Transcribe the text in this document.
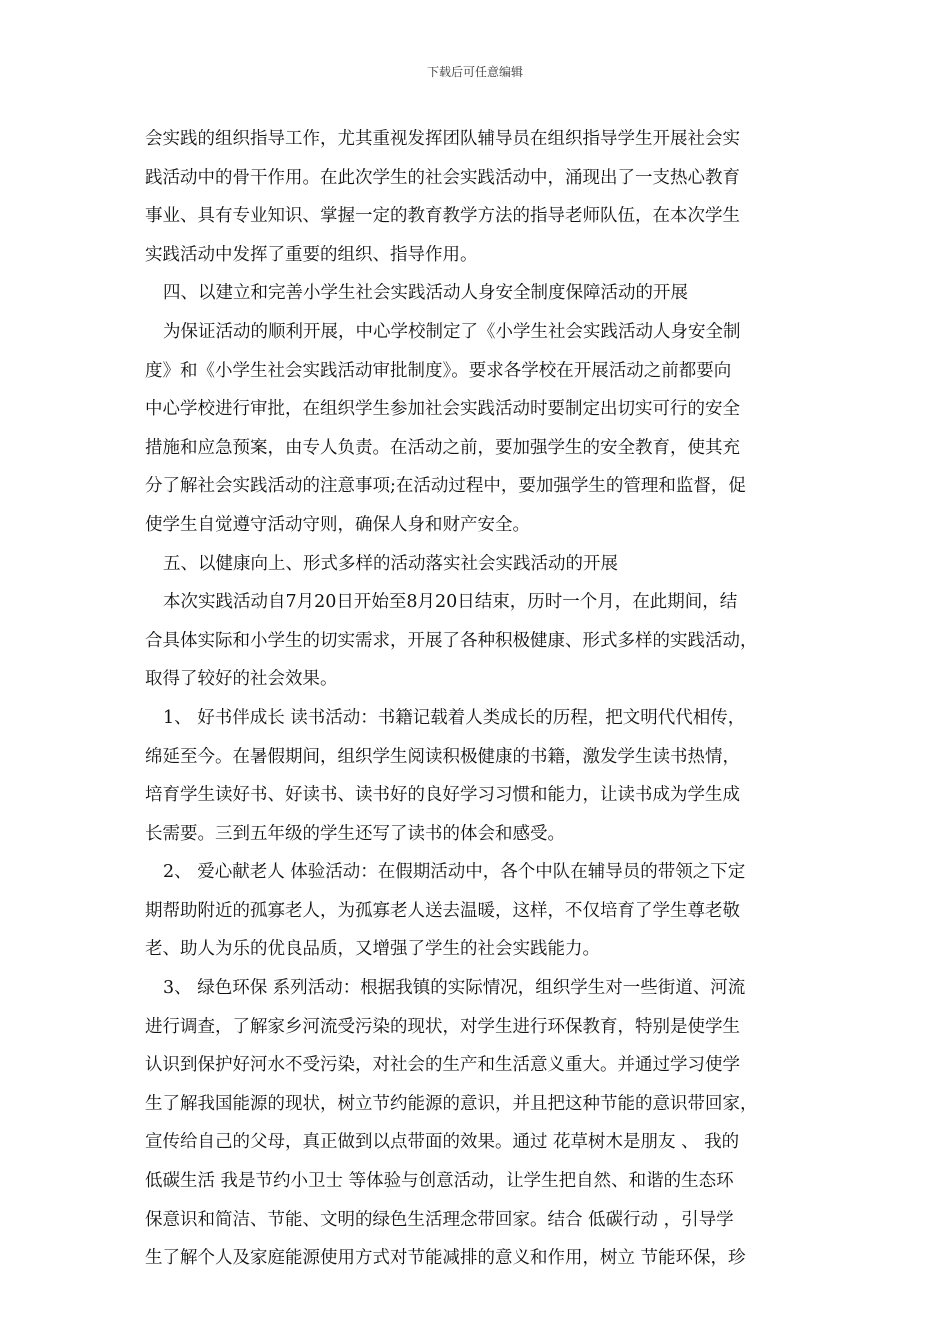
下载后可任意编辑
会实践的组织指导工作，尤其重视发挥团队辅导员在组织指导学生开展社会实
践活动中的骨干作用。在此次学生的社会实践活动中，涌现出了一支热心教育
事业、具有专业知识、掌握一定的教育教学方法的指导老师队伍，在本次学生
实践活动中发挥了重要的组织、指导作用。
四、以建立和完善小学生社会实践活动人身安全制度保障活动的开展
为保证活动的顺利开展，中心学校制定了《小学生社会实践活动人身安全制
度》和《小学生社会实践活动审批制度》。要求各学校在开展活动之前都要向
中心学校进行审批，在组织学生参加社会实践活动时要制定出切实可行的安全
措施和应急预案，由专人负责。在活动之前，要加强学生的安全教育，使其充
分了解社会实践活动的注意事项;在活动过程中，要加强学生的管理和监督，促
使学生自觉遵守活动守则，确保人身和财产安全。
五、以健康向上、形式多样的活动落实社会实践活动的开展
本次实践活动自7月20日开始至8月20日结束，历时一个月，在此期间，结
合具体实际和小学生的切实需求，开展了各种积极健康、形式多样的实践活动，
取得了较好的社会效果。
1、 好书伴成长 读书活动：书籍记载着人类成长的历程，把文明代代相传，
绵延至今。在暑假期间，组织学生阅读积极健康的书籍，激发学生读书热情，
培育学生读好书、好读书、读书好的良好学习习惯和能力，让读书成为学生成
长需要。三到五年级的学生还写了读书的体会和感受。
2、 爱心献老人 体验活动：在假期活动中，各个中队在辅导员的带领之下定
期帮助附近的孤寡老人，为孤寡老人送去温暖，这样，不仅培育了学生尊老敬
老、助人为乐的优良品质，又增强了学生的社会实践能力。
3、 绿色环保 系列活动：根据我镇的实际情况，组织学生对一些街道、河流
进行调查，了解家乡河流受污染的现状，对学生进行环保教育，特别是使学生
认识到保护好河水不受污染，对社会的生产和生活意义重大。并通过学习使学
生了解我国能源的现状，树立节约能源的意识，并且把这种节能的意识带回家，
宣传给自己的父母，真正做到以点带面的效果。通过 花草树木是朋友 、 我的
低碳生活 我是节约小卫士 等体验与创意活动，让学生把自然、和谐的生态环
保意识和简洁、节能、文明的绿色生活理念带回家。结合 低碳行动 ，引导学
生了解个人及家庭能源使用方式对节能减排的意义和作用，树立 节能环保，珍
